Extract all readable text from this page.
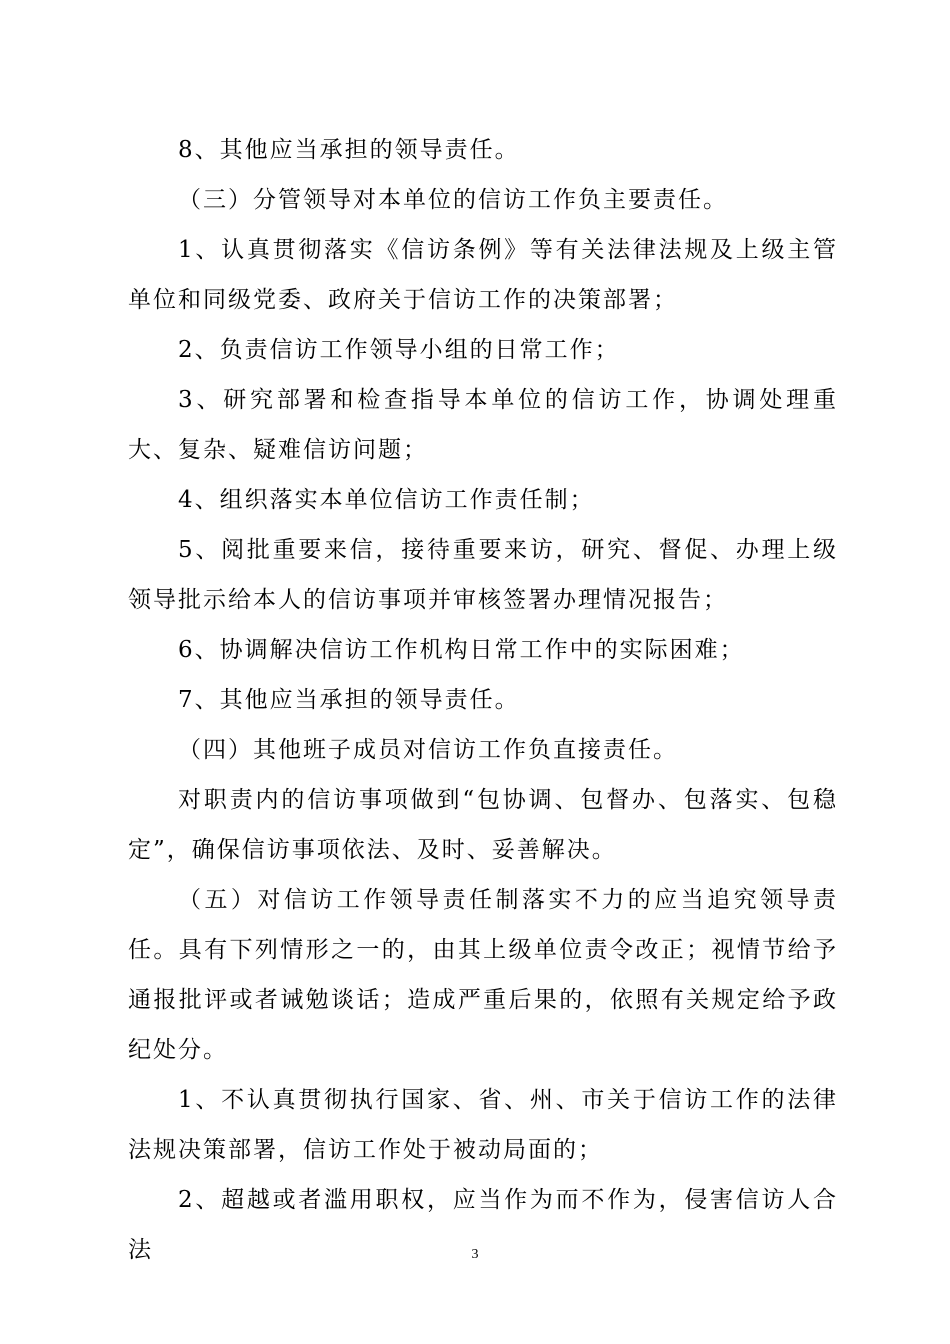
8、其他应当承担的领导责任。

（三）分管领导对本单位的信访工作负主要责任。

1、认真贯彻落实《信访条例》等有关法律法规及上级主管单位和同级党委、政府关于信访工作的决策部署；

2、负责信访工作领导小组的日常工作；

3、研究部署和检查指导本单位的信访工作，协调处理重大、复杂、疑难信访问题；

4、组织落实本单位信访工作责任制；

5、阅批重要来信，接待重要来访，研究、督促、办理上级领导批示给本人的信访事项并审核签署办理情况报告；

6、协调解决信访工作机构日常工作中的实际困难；

7、其他应当承担的领导责任。

（四）其他班子成员对信访工作负直接责任。

对职责内的信访事项做到“包协调、包督办、包落实、包稳定”，确保信访事项依法、及时、妥善解决。

（五）对信访工作领导责任制落实不力的应当追究领导责任。具有下列情形之一的，由其上级单位责令改正；视情节给予通报批评或者诫勉谈话；造成严重后果的，依照有关规定给予政纪处分。

1、不认真贯彻执行国家、省、州、市关于信访工作的法律法规决策部署，信访工作处于被动局面的；

2、超越或者滥用职权，应当作为而不作为，侵害信访人合法	3
